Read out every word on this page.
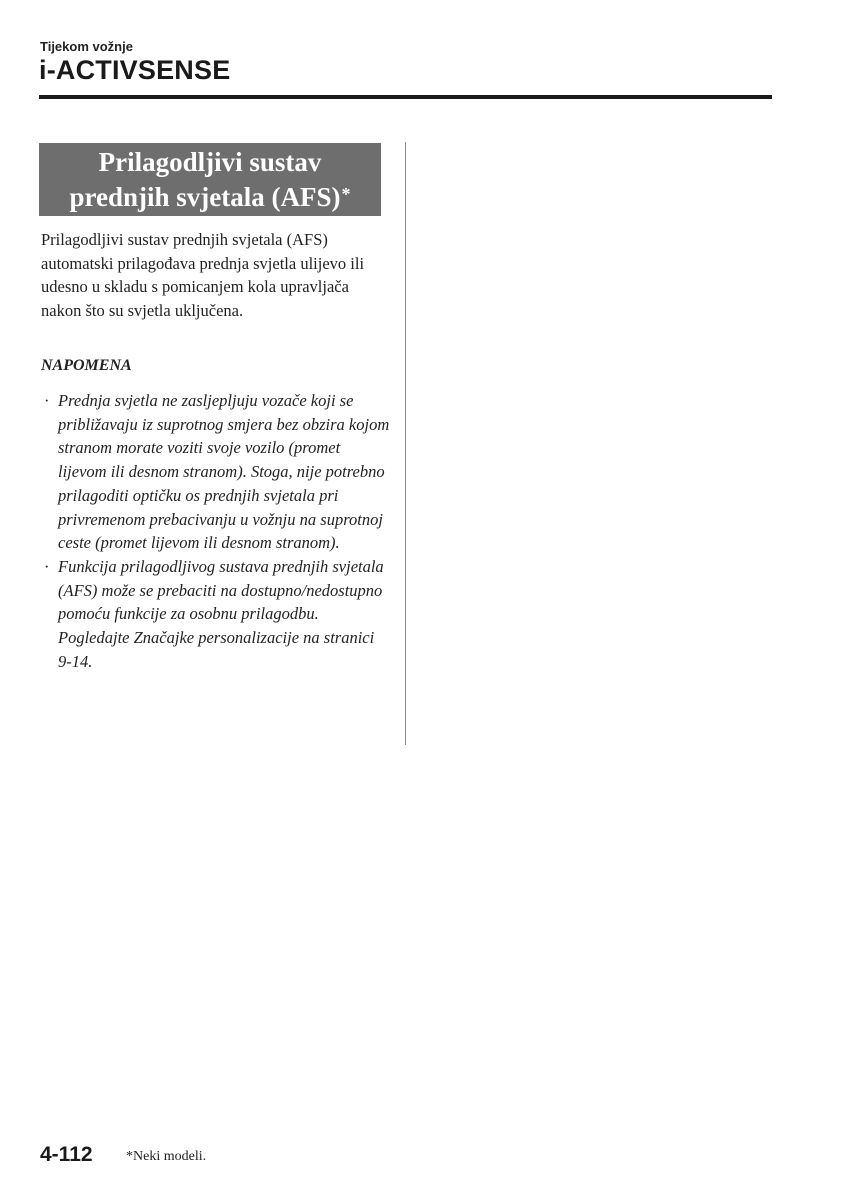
Tijekom vožnje
i-ACTIVSENSE
Prilagodljivi sustav
prednjih svjetala (AFS)*

Prilagodljivi sustav prednjih svjetala (AFS) automatski prilagođava prednja svjetla ulijevo ili udesno u skladu s pomicanjem kola upravljača nakon što su svjetla uključena.

NAPOMENA
· Prednja svjetla ne zasljepljuju vozače koji se približavaju iz suprotnog smjera bez obzira kojom stranom morate voziti svoje vozilo (promet lijevom ili desnom stranom). Stoga, nije potrebno prilagoditi optičku os prednjih svjetala pri privremenom prebacivanju u vožnju na suprotnoj ceste (promet lijevom ili desnom stranom).
· Funkcija prilagodljivog sustava prednjih svjetala (AFS) može se prebaciti na dostupno/nedostupno pomoću funkcije za osobnu prilagodbu.
Pogledajte Značajke personalizacije na stranici 9-14.
4-112 *Neki modeli.
